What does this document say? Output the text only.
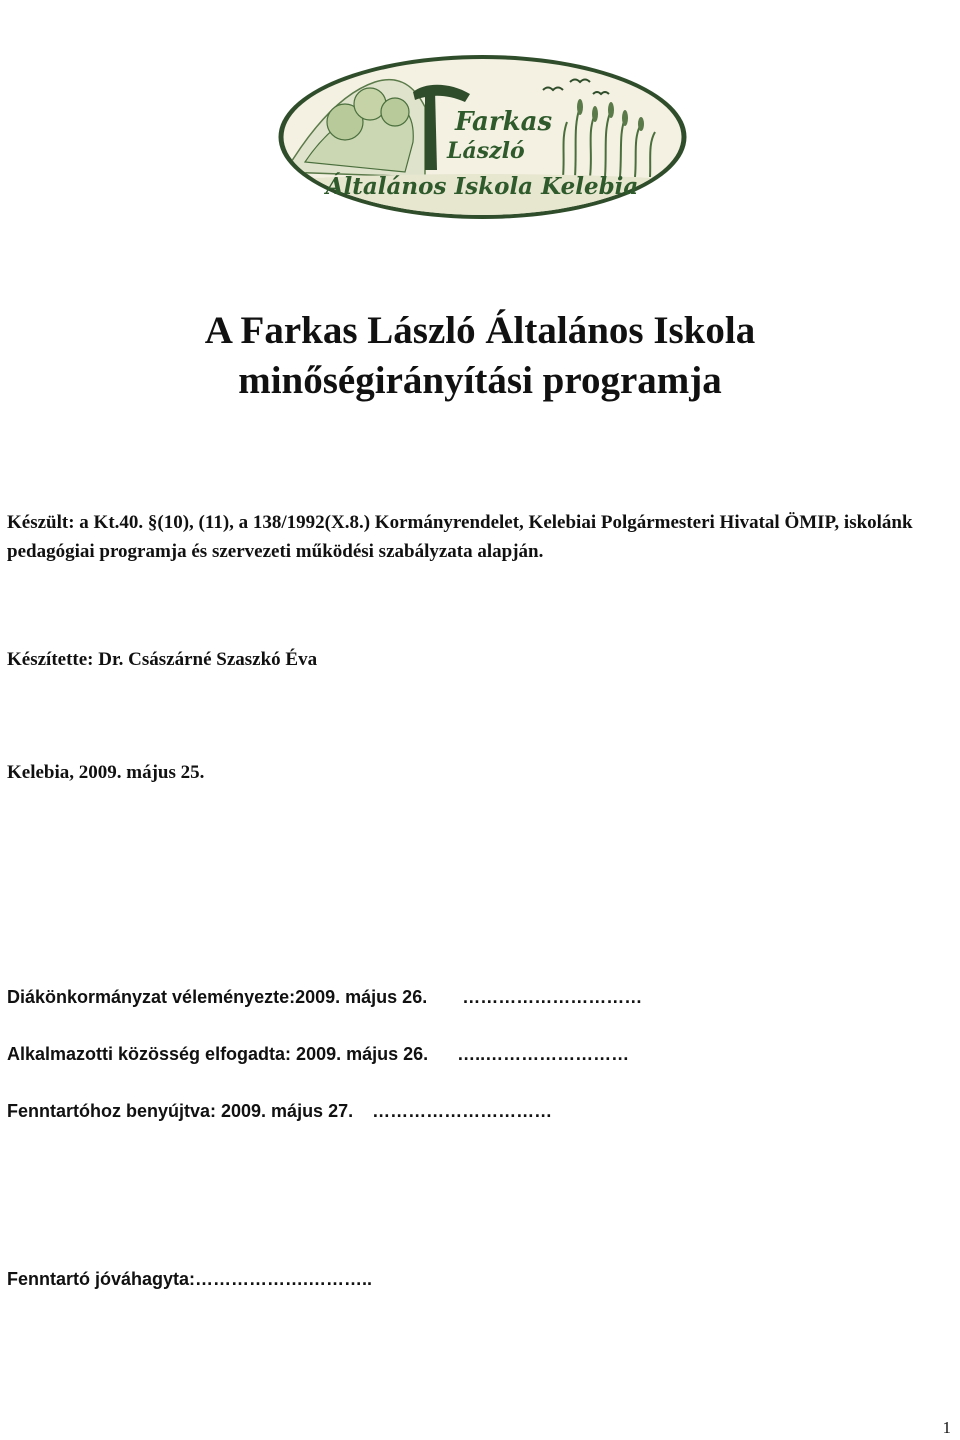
Farkas
László
Általános Iskola Kelebia
A Farkas László Általános Iskola
minőségirányítási programja

Készült: a Kt.40. §(10), (11), a 138/1992(X.8.) Kormányrendelet, Kelebiai Polgármesteri Hivatal ÖMIP, iskolánk pedagógiai programja és szervezeti működési szabályzata alapján.

Készítette: Dr. Császárné Szaszkó Éva

Kelebia, 2009. május 25.

Diákönkormányzat véleményezte:2009. május 26. …………………………

Alkalmazotti közösség elfogadta: 2009. május 26. …..……………………

Fenntartóhoz benyújtva: 2009. május 27. …………………………

Fenntartó jóváhagyta:……………….………..

1
